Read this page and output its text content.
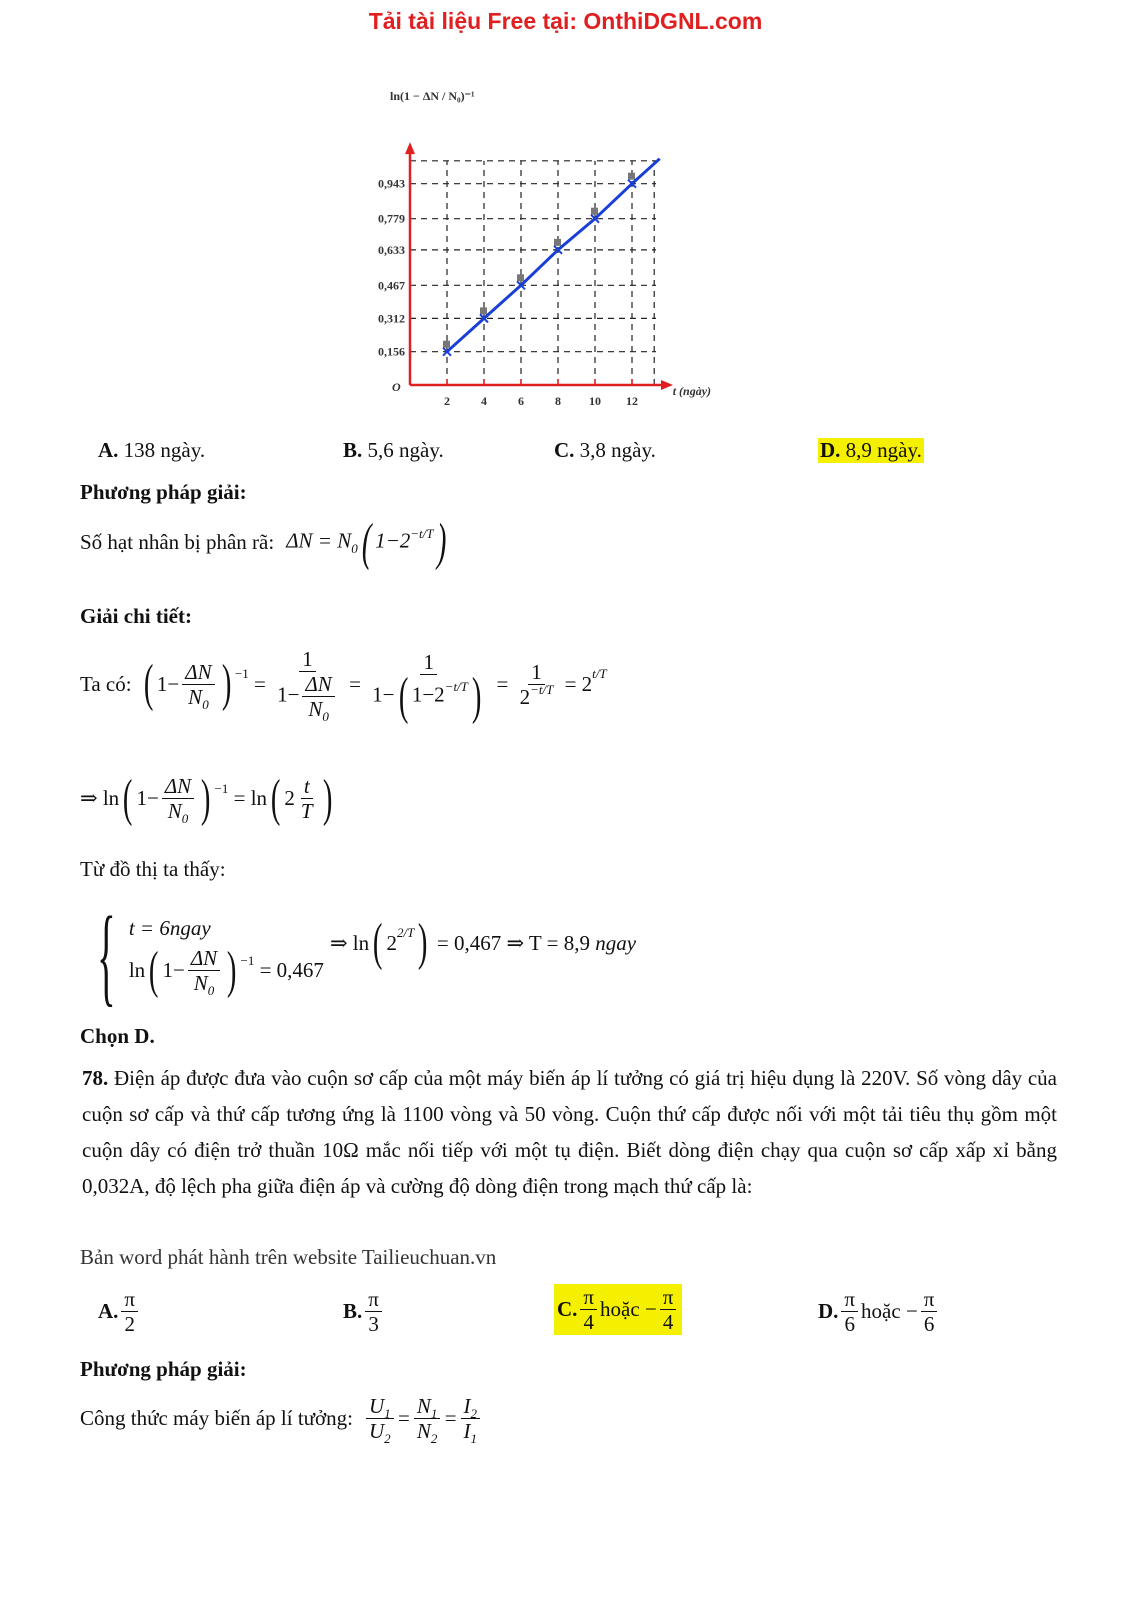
Tải tài liệu Free tại: OnthiDGNL.com
2	4	6	8 10 12
0,156
0,312
0,467
0,633
0,779
0,943
O	t (ngày)
ln(1 − ΔN / N₀)⁻¹
A. 138 ngày.	B. 5,6 ngày.	C. 3,8 ngày.	D. 8,9 ngày.
Phương pháp giải:
Số hạt nhân bị phân rã: $\Delta N = N_0$( $1-2^{-t/T}$)
Giải chi tiết:
Ta có: ( $1- \frac{\Delta N}{N_0}$ ) $-1 = \frac{1}{1- \frac{\Delta N}{N_0}} = \frac{1}{1-( 1-2^{-t/T})} = \frac{1}{2^{-t/T}} = 2$ t/T
⇒ ln ( $1- \frac{\Delta N}{N_0}$ ) −1 = ln ( $2 \frac{t}{T}$ )
Từ đồ thị ta thấy:
{ t = 6ngay
ln ( $1- \frac{\Delta N}{N_0}$ ) −1
= 0,467
⇒ ln ( 2 2/T )
= 0,467 ⇒ T = 8,9
ngay
Chọn D.
78. Điện áp được đưa vào cuộn sơ cấp của một máy biến áp lí tưởng có giá trị hiệu dụng là 220V. Số vòng dây của cuộn sơ cấp và thứ cấp tương ứng là 1100 vòng và 50 vòng. Cuộn thứ cấp được nối với một tải tiêu thụ gồm một cuộn dây có điện trở thuần 10Ω mắc nối tiếp với một tụ điện. Biết dòng điện chạy qua cuộn sơ cấp xấp xỉ bằng 0,032A, độ lệch pha giữa điện áp và cường độ dòng điện trong mạch thứ cấp là:
Bản word phát hành trên website Tailieuchuan.vn
A. $\frac{\pi}{2}$	B. $\frac{\pi}{3}$	C. $\frac{\pi}{4}$ hoặc − $\frac{\pi}{4}$	D. $\frac{\pi}{6}$ hoặc − $\frac{\pi}{6}$
Phương pháp giải:
Công thức máy biến áp lí tưởng: $\frac{U_1}{U_2} = \frac{N_1}{N_2} = \frac{I_2}{I_1}$
